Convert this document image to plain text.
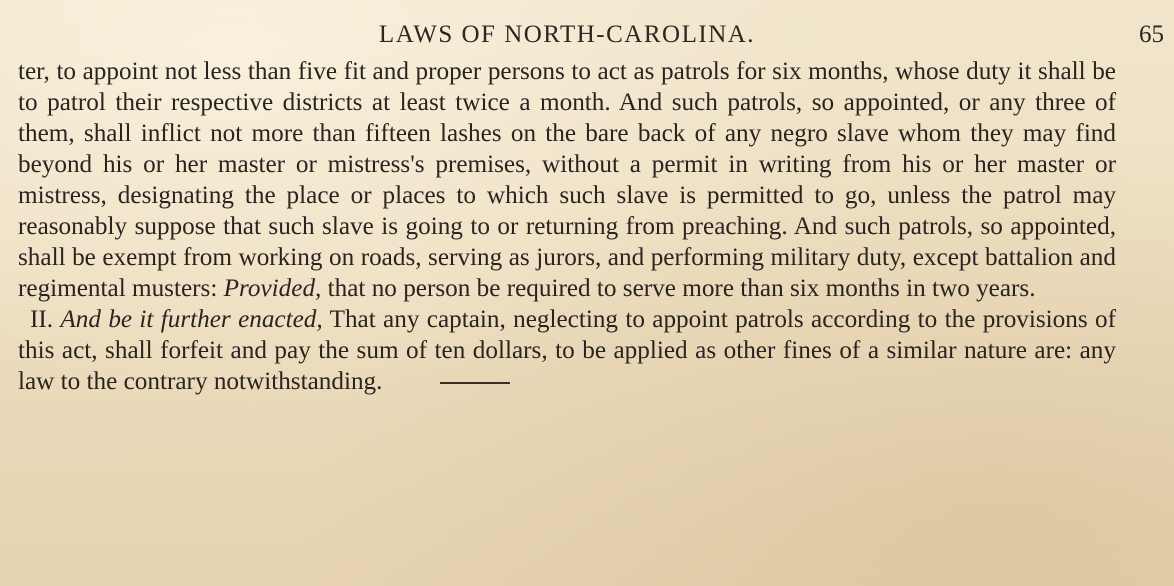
LAWS OF NORTH-CAROLINA.	65

ter, to appoint not less than five fit and proper persons to act as patrols for six months, whose duty it shall be to patrol their respective districts at least twice a month. And such patrols, so appointed, or any three of them, shall inflict not more than fifteen lashes on the bare back of any negro slave whom they may find beyond his or her master or mistress's premises, without a permit in writing from his or her master or mistress, designating the place or places to which such slave is permitted to go, unless the patrol may reasonably suppose that such slave is going to or returning from preaching. And such patrols, so appointed, shall be exempt from working on roads, serving as jurors, and performing military duty, except battalion and regimental musters: Provided, that no person be required to serve more than six months in two years.

II. And be it further enacted, That any captain, neglecting to appoint patrols according to the provisions of this act, shall forfeit and pay the sum of ten dollars, to be applied as other fines of a similar nature are: any law to the contrary notwithstanding.
